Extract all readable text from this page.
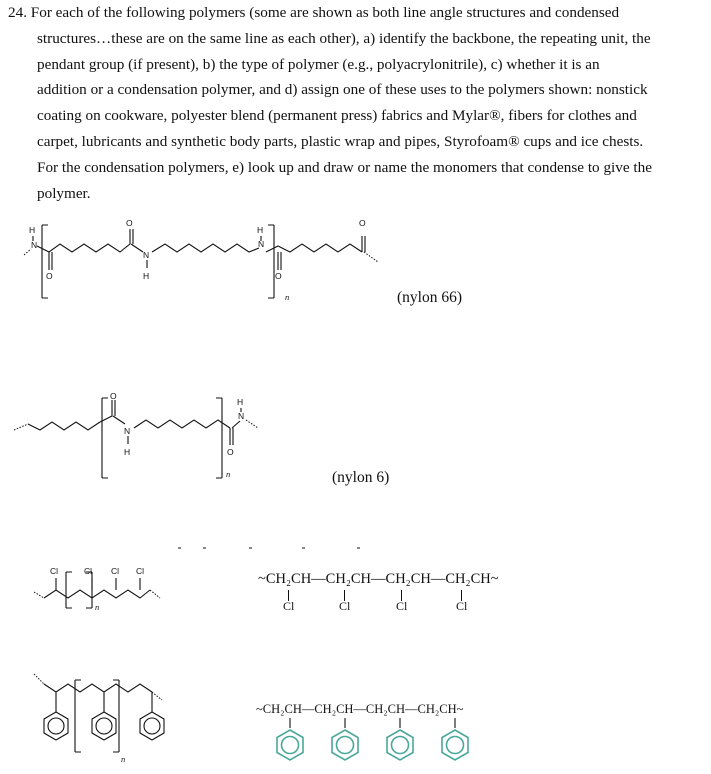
24. For each of the following polymers (some are shown as both line angle structures and condensed
structures…these are on the same line as each other), a) identify the backbone, the repeating unit, the
pendant group (if present), b) the type of polymer (e.g., polyacrylonitrile), c) whether it is an
addition or a condensation polymer, and d) assign one of these uses to the polymers shown: nonstick
coating on cookware, polyester blend (permanent press) fabrics and Mylar®, fibers for clothes and
carpet, lubricants and synthetic body parts, plastic wrap and pipes, Styrofoam® cups and ice chests.
For the condensation polymers, e) look up and draw or name the monomers that condense to give the
polymer.
N
H
O
O
N
H
N
H
O
n
O
(nylon 66)
O
N
H	O
n
N
H
(nylon 6)
Cl	Cl Cl Cl
n
~CH₂CH—CH₂CH—CH₂CH—CH₂CH~
Cl	Cl	Cl	Cl
n
~CH₂CH—CH₂CH—CH₂CH—CH₂CH~
